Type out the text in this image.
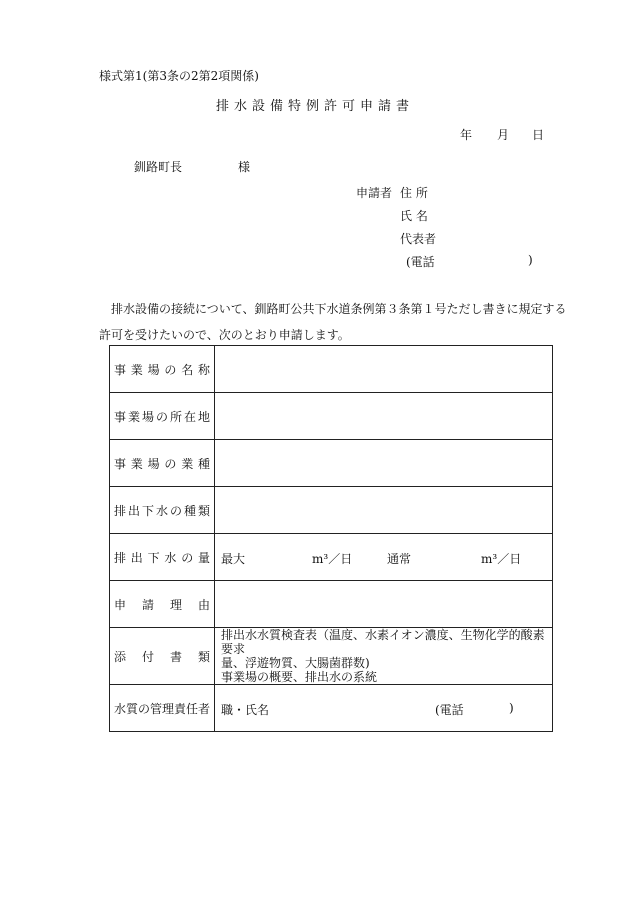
様式第1(第3条の2第2項関係)
排水設備特例許可申請書
年 月 日
釧路町長	様
申請者 住 所
氏 名
代表者
(電話	)
排水設備の接続について、釧路町公共下水道条例第３条第１号ただし書きに規定する許可を受けたいので、次のとおり申請します。
事業場の名称	
事業場の所在地	
事業場の業種	
排出下水の種類	
排出下水の量	最大 m³／日 通常 m³／日

申請理由	
添付書類	排出水水質検査表（温度、水素イオン濃度、生物化学的酸素要求
量、浮遊物質、大腸菌群数)
事業場の概要、排出水の系統

水質の管理責任者	職・氏名 (電話 )
